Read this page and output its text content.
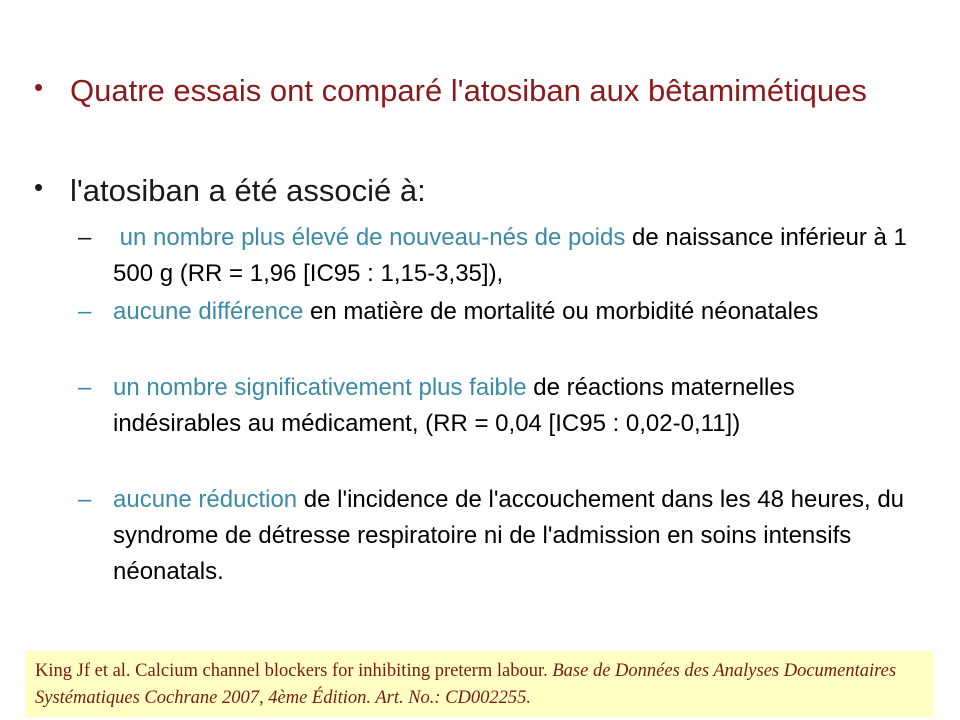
• Quatre essais ont comparé l'atosiban aux bêtamimétiques
• l'atosiban a été associé à:
–	un nombre plus élevé de nouveau-nés de poids de naissance inférieur à 1 500 g (RR = 1,96 [IC95 : 1,15-3,35]),
– aucune différence en matière de mortalité ou morbidité néonatales
– un nombre significativement plus faible de réactions maternelles indésirables au médicament, (RR = 0,04 [IC95 : 0,02-0,11])
– aucune réduction de l'incidence de l'accouchement dans les 48 heures, du syndrome de détresse respiratoire ni de l'admission en soins intensifs néonatals.
King Jf et al. Calcium channel blockers for inhibiting preterm labour. Base de Données des Analyses Documentaires Systématiques Cochrane 2007, 4ème Édition. Art. No.: CD002255.
